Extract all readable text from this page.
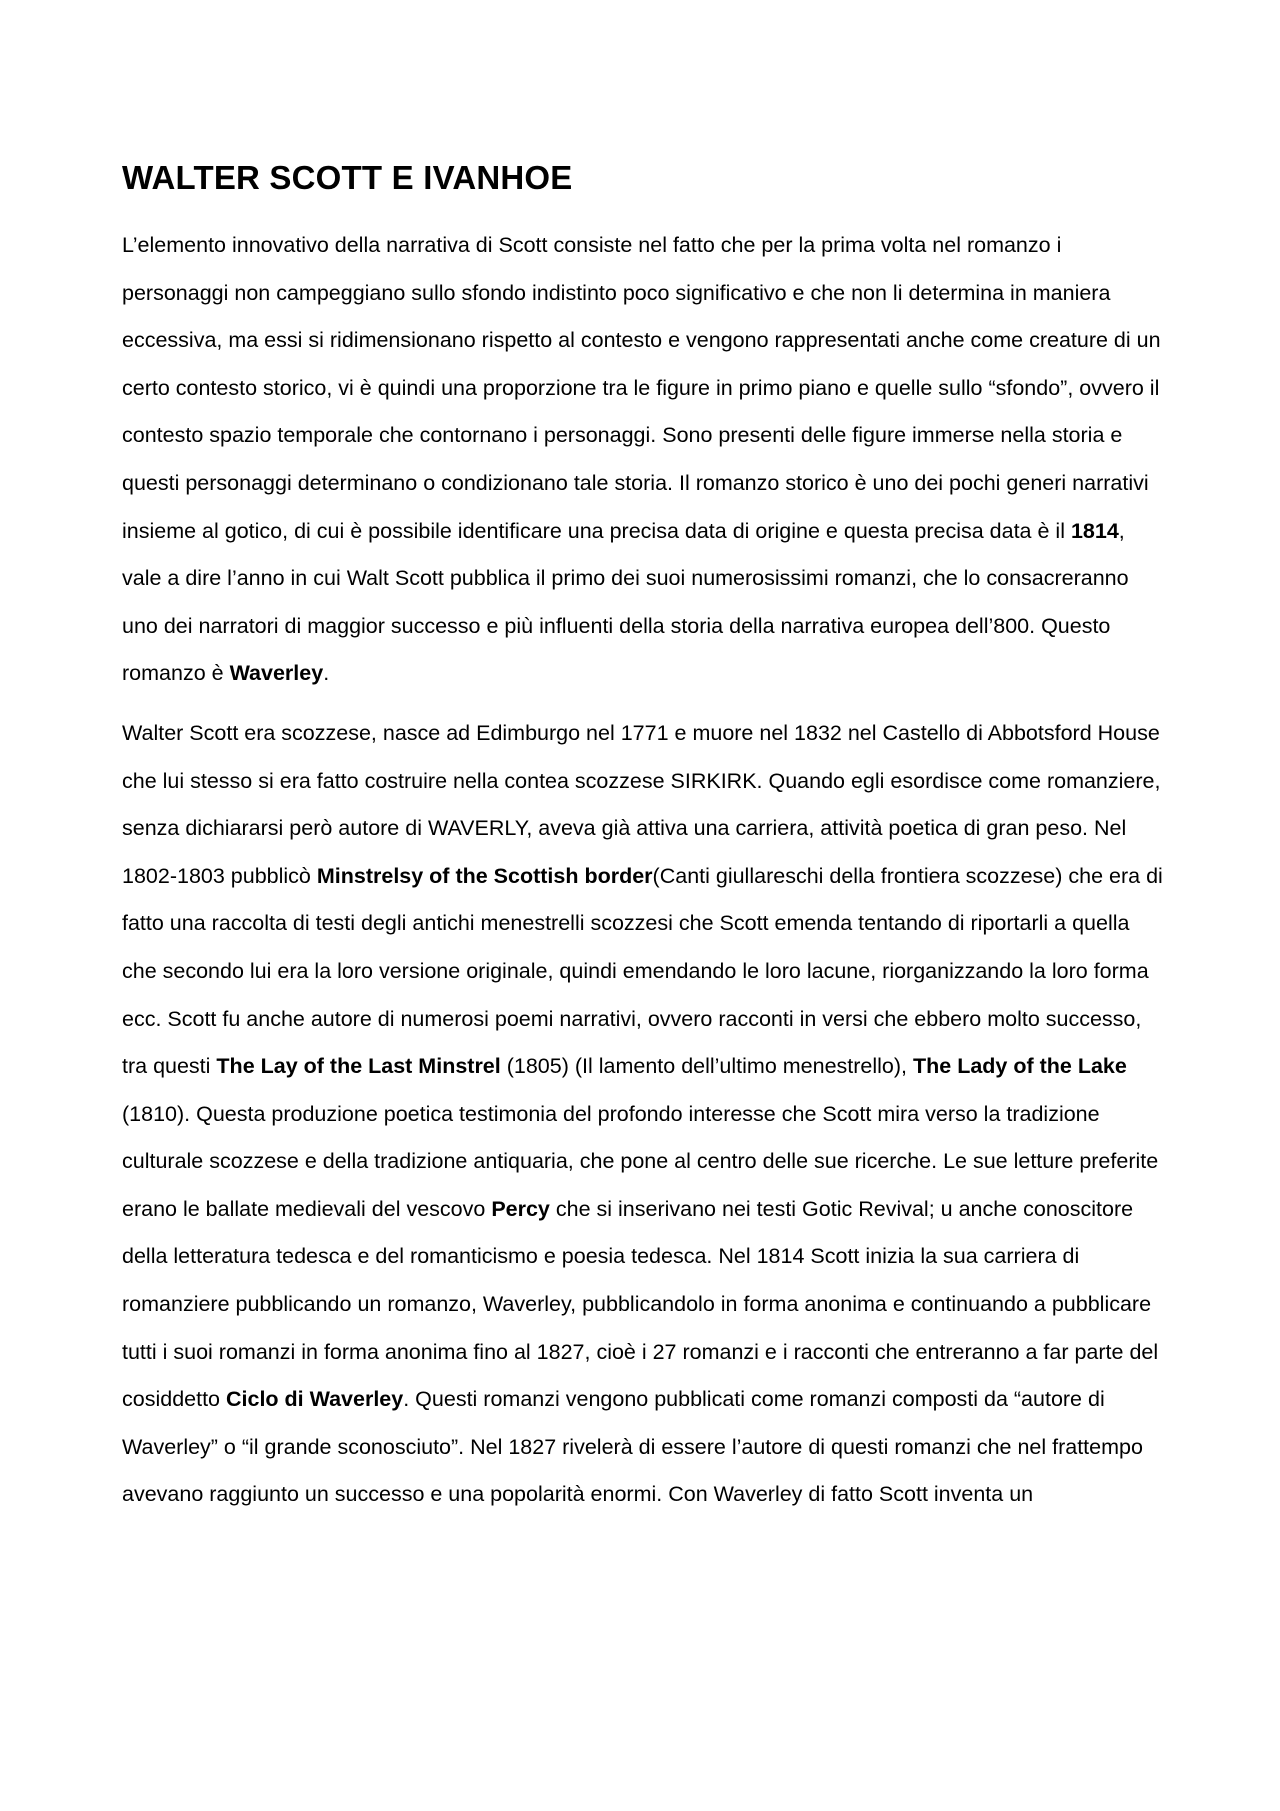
WALTER SCOTT E IVANHOE

L’elemento innovativo della narrativa di Scott consiste nel fatto che per la prima volta nel romanzo i personaggi non campeggiano sullo sfondo indistinto poco significativo e che non li determina in maniera eccessiva, ma essi si ridimensionano rispetto al contesto e vengono rappresentati anche come creature di un certo contesto storico, vi è quindi una proporzione tra le figure in primo piano e quelle sullo “sfondo”, ovvero il contesto spazio temporale che contornano i personaggi. Sono presenti delle figure immerse nella storia e questi personaggi determinano o condizionano tale storia. Il romanzo storico è uno dei pochi generi narrativi insieme al gotico, di cui è possibile identificare una precisa data di origine e questa precisa data è il 1814, vale a dire l’anno in cui Walt Scott pubblica il primo dei suoi numerosissimi romanzi, che lo consacreranno uno dei narratori di maggior successo e più influenti della storia della narrativa europea dell’800. Questo romanzo è Waverley.

Walter Scott era scozzese, nasce ad Edimburgo nel 1771 e muore nel 1832 nel Castello di Abbotsford House che lui stesso si era fatto costruire nella contea scozzese SIRKIRK. Quando egli esordisce come romanziere, senza dichiararsi però autore di WAVERLY, aveva già attiva una carriera, attività poetica di gran peso. Nel 1802-1803 pubblicò Minstrelsy of the Scottish border(Canti giullareschi della frontiera scozzese) che era di fatto una raccolta di testi degli antichi menestrelli scozzesi che Scott emenda tentando di riportarli a quella che secondo lui era la loro versione originale, quindi emendando le loro lacune, riorganizzando la loro forma ecc. Scott fu anche autore di numerosi poemi narrativi, ovvero racconti in versi che ebbero molto successo, tra questi The Lay of the Last Minstrel (1805) (Il lamento dell’ultimo menestrello), The Lady of the Lake (1810). Questa produzione poetica testimonia del profondo interesse che Scott mira verso la tradizione culturale scozzese e della tradizione antiquaria, che pone al centro delle sue ricerche. Le sue letture preferite erano le ballate medievali del vescovo Percy che si inserivano nei testi Gotic Revival; u anche conoscitore della letteratura tedesca e del romanticismo e poesia tedesca. Nel 1814 Scott inizia la sua carriera di romanziere pubblicando un romanzo, Waverley, pubblicandolo in forma anonima e continuando a pubblicare tutti i suoi romanzi in forma anonima fino al 1827, cioè i 27 romanzi e i racconti che entreranno a far parte del cosiddetto Ciclo di Waverley. Questi romanzi vengono pubblicati come romanzi composti da “autore di Waverley” o “il grande sconosciuto”. Nel 1827 rivelerà di essere l’autore di questi romanzi che nel frattempo avevano raggiunto un successo e una popolarità enormi. Con Waverley di fatto Scott inventa un
